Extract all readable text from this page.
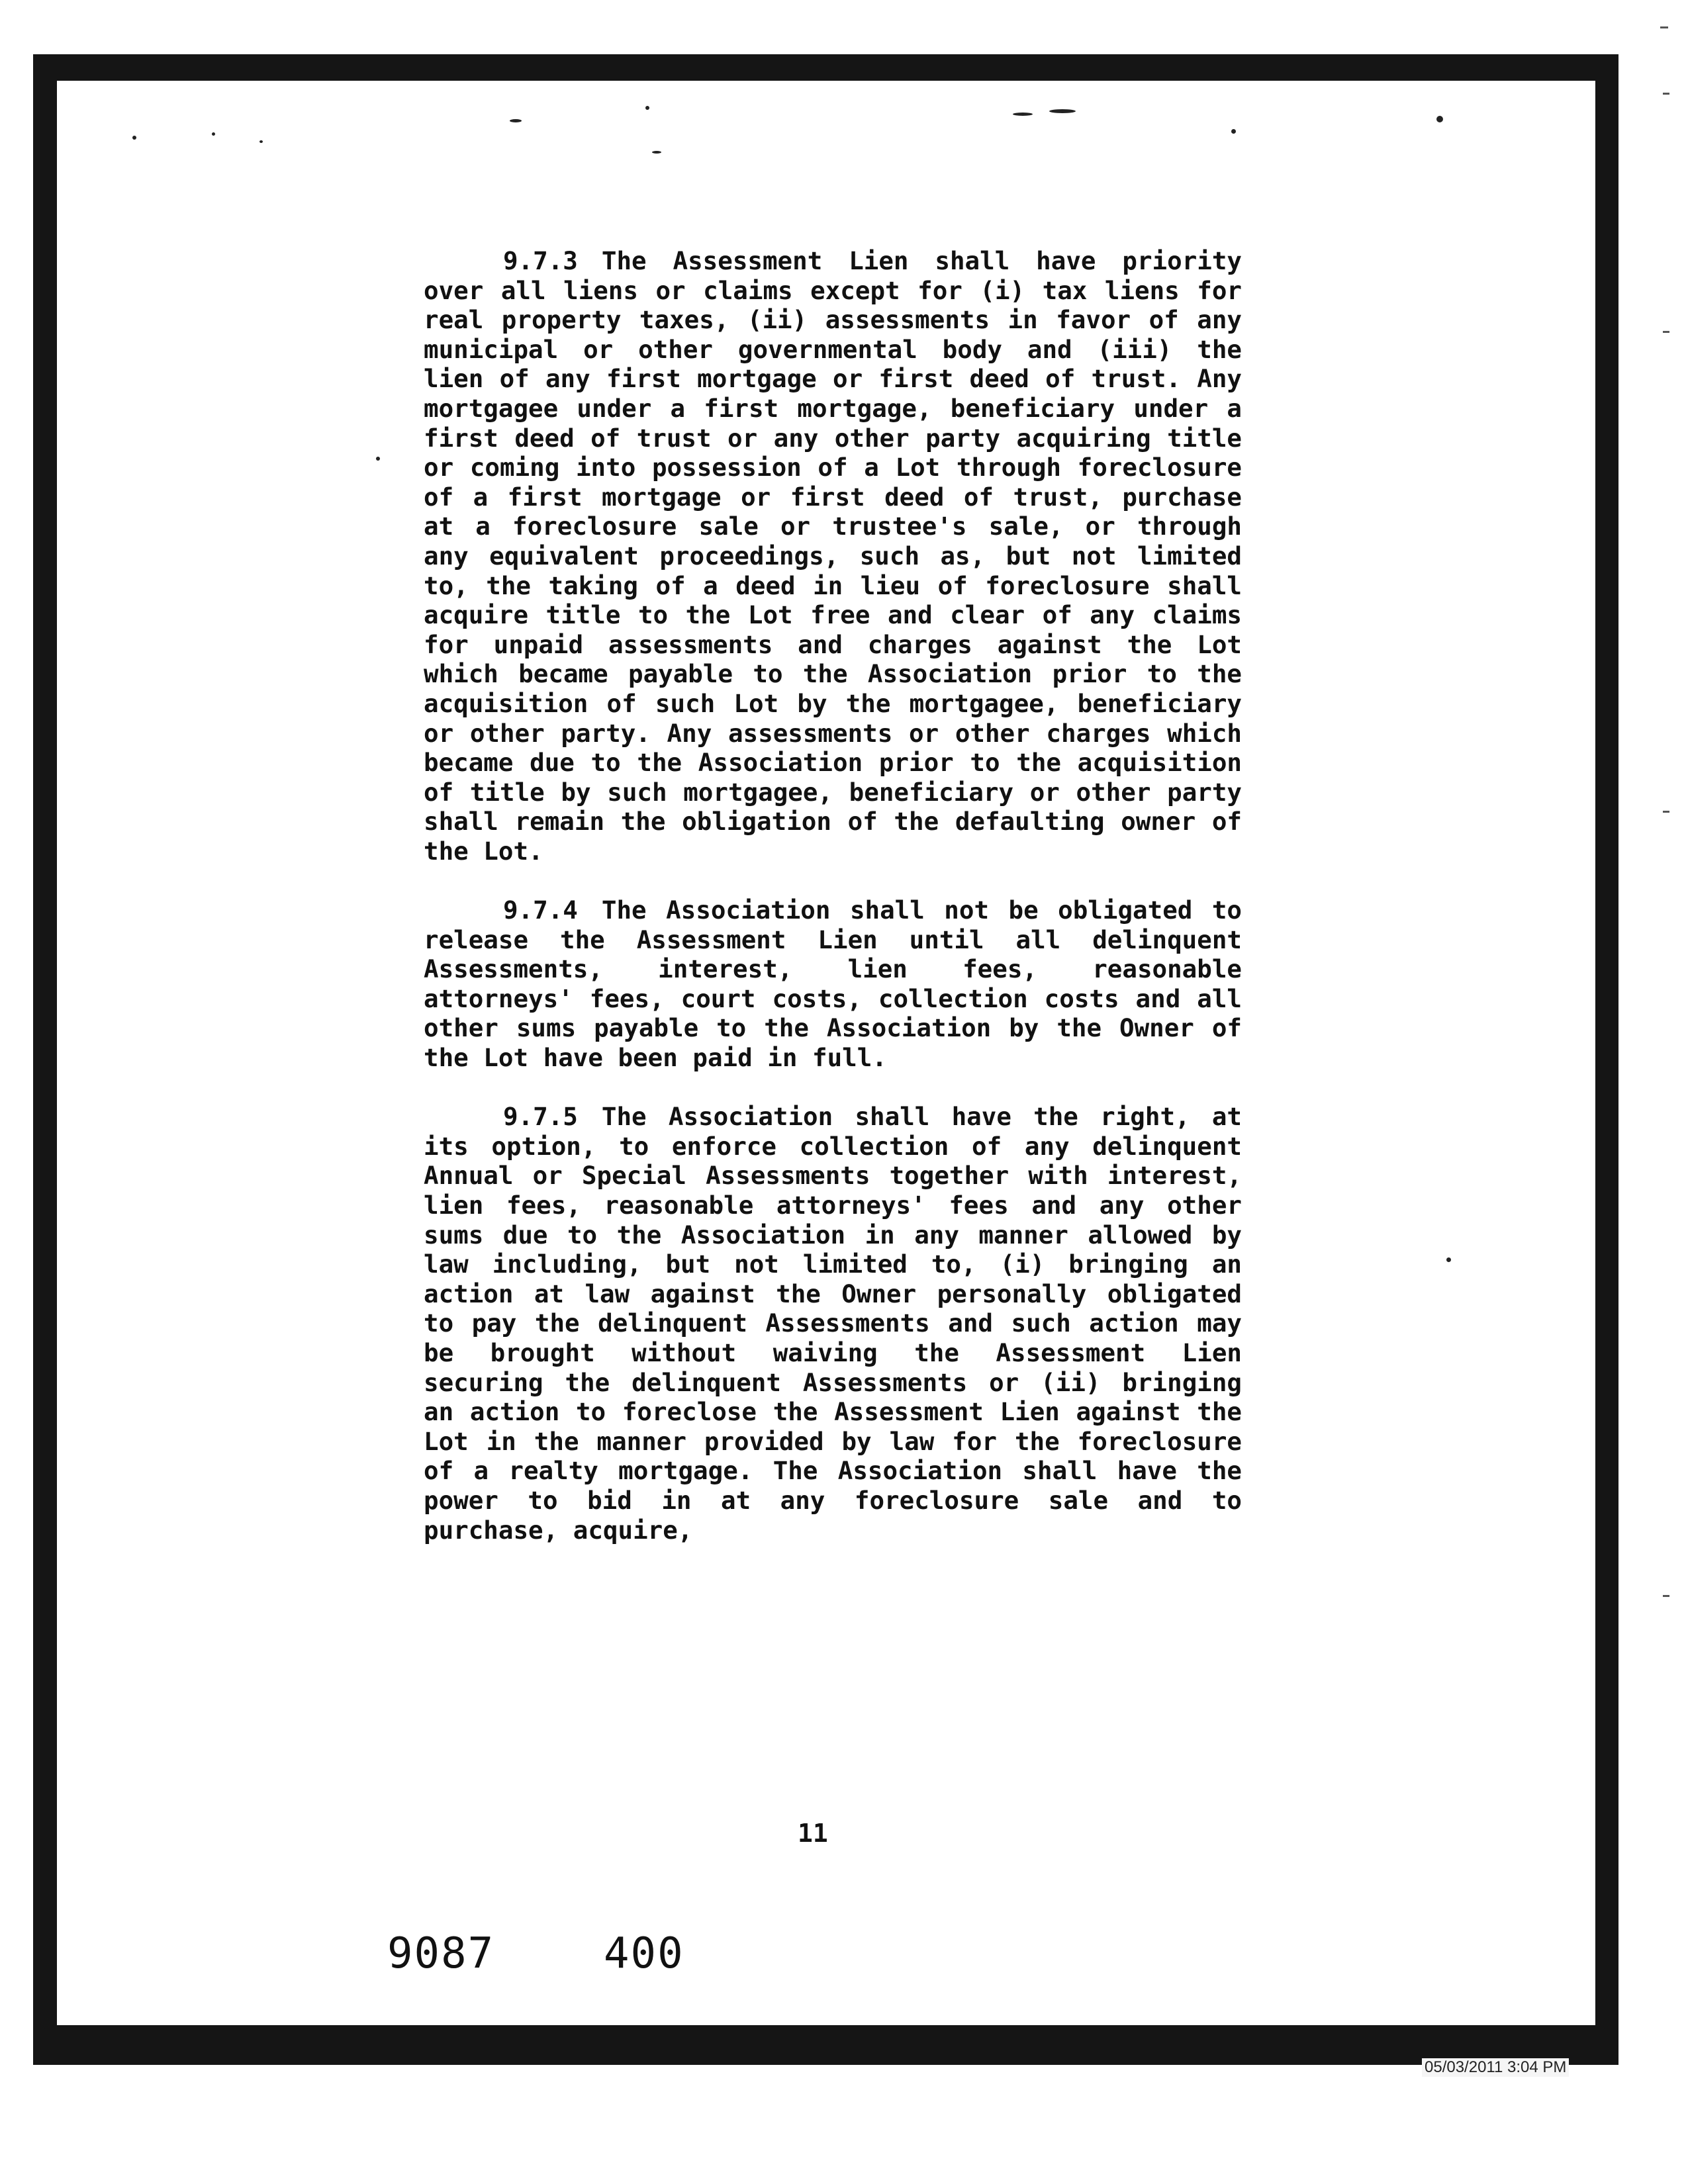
9.7.3 The Assessment Lien shall have priority over all liens or claims except for (i) tax liens for real property taxes, (ii) assessments in favor of any municipal or other governmental body and (iii) the lien of any first mortgage or first deed of trust. Any mortgagee under a first mortgage, beneficiary under a first deed of trust or any other party acquiring title or coming into possession of a Lot through foreclosure of a first mortgage or first deed of trust, purchase at a foreclosure sale or trustee's sale, or through any equivalent proceedings, such as, but not limited to, the taking of a deed in lieu of foreclosure shall acquire title to the Lot free and clear of any claims for unpaid assessments and charges against the Lot which became payable to the Association prior to the acquisition of such Lot by the mortgagee, beneficiary or other party. Any assessments or other charges which became due to the Association prior to the acquisition of title by such mortgagee, beneficiary or other party shall remain the obligation of the defaulting owner of the Lot.

9.7.4 The Association shall not be obligated to release the Assessment Lien until all delinquent Assessments, interest, lien fees, reasonable attorneys' fees, court costs, collection costs and all other sums payable to the Association by the Owner of the Lot have been paid in full.

9.7.5 The Association shall have the right, at its option, to enforce collection of any delinquent Annual or Special Assessments together with interest, lien fees, reasonable attorneys' fees and any other sums due to the Association in any manner allowed by law including, but not limited to, (i) bringing an action at law against the Owner personally obligated to pay the delinquent Assessments and such action may be brought without waiving the Assessment Lien securing the delinquent Assessments or (ii) bringing an action to foreclose the Assessment Lien against the Lot in the manner provided by law for the foreclosure of a realty mortgage. The Association shall have the power to bid in at any foreclosure sale and to purchase, acquire,

11
9087	400
05/03/2011 3:04 PM
